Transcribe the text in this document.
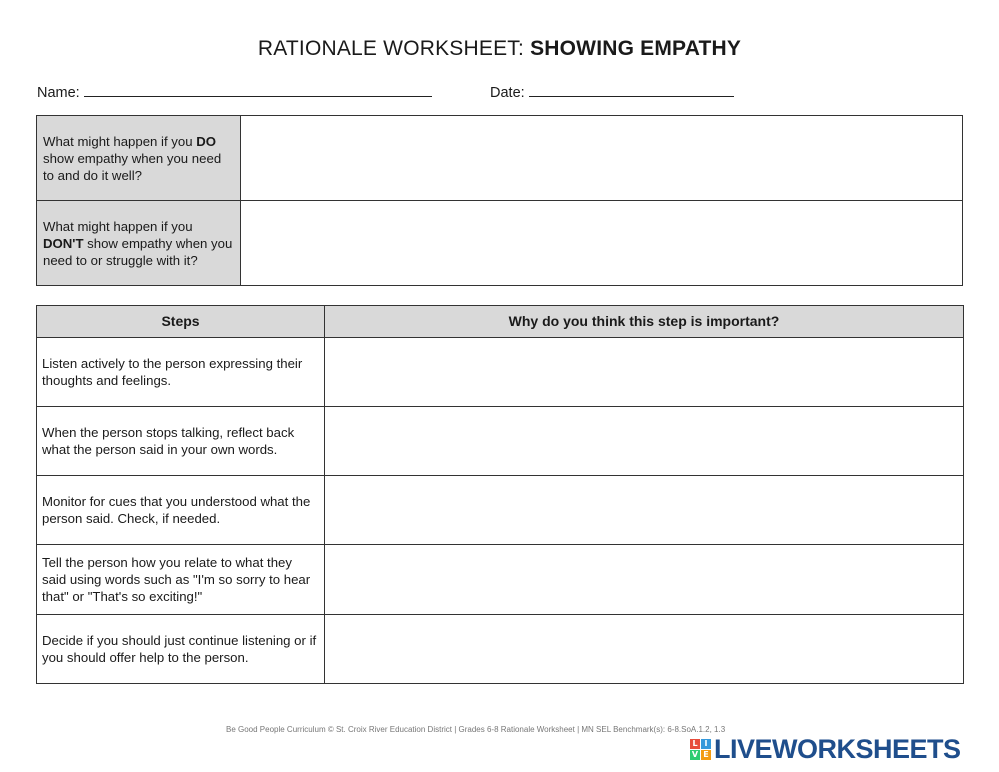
RATIONALE WORKSHEET: SHOWING EMPATHY
Name:	Date:
What might happen if you DO show empathy when you need to and do it well?	
What might happen if you DON'T show empathy when you need to or struggle with it?	
Steps	Why do you think this step is important?
Listen actively to the person expressing their thoughts and feelings.	
When the person stops talking, reflect back what the person said in your own words.	
Monitor for cues that you understood what the person said. Check, if needed.	
Tell the person how you relate to what they said using words such as "I'm so sorry to hear that" or "That's so exciting!"	
Decide if you should just continue listening or if you should offer help to the person.	
Be Good People Curriculum © St. Croix River Education District | Grades 6-8 Rationale Worksheet | MN SEL Benchmark(s): 6-8.SoA.1.2, 1.3
L I
V E LIVEWORKSHEETS
